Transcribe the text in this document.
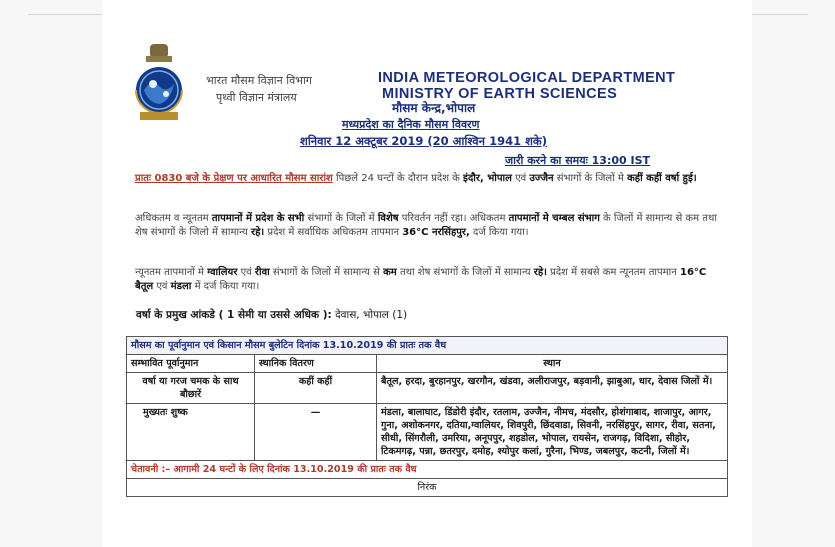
भारत मौसम विज्ञान विभाग
पृथ्वी विज्ञान मंत्रालय
INDIA METEOROLOGICAL DEPARTMENT
MINISTRY OF EARTH SCIENCES
मौसम केन्द्र,भोपाल
मध्यप्रदेश का दैनिक मौसम विवरण
शनिवार 12 अक्टूबर 2019 (20 आश्विन 1941 शके)
जारी करने का समयः 13:00 IST
प्रातः 0830 बजे के प्रेक्षण पर आधारित मौसम सारांश पिछले 24 घन्टों के दौरान प्रदेश के इंदौर, भोपाल एवं उज्जैन संभागों के जिलों मे कहीं कहीं वर्षा हुई।
अधिकतम व न्यूनतम तापमानों में प्रदेश के सभी संभागों के जिलों में विशेष परिवर्तन नहीं रहा। अधिकतम तापमानों मे चम्बल संभाग के जिलों में सामान्य से कम तथा शेष संभागों के जिलो में सामान्य रहे। प्रदेश में सर्वाधिक अधिकतम तापमान 36°C नरसिंहपुर, दर्ज किया गया।
न्यूनतम तापमानों मे ग्वालियर एवं रीवा संभागों के जिलों में सामान्य से कम तथा शेष संभागों के जिलों में सामान्य रहे। प्रदेश में सबसे कम न्यूनतम तापमान 16°C बैतूल एवं मंडला में दर्ज किया गया।
वर्षा के प्रमुख आंकडे ( 1 सेमी या उससे अधिक ): देवास, भोपाल (1)
मौसम का पूर्वानुमान एवं किसान मौसम बुलेटिन दिनांक 13.10.2019 की प्रातः तक वैध		
सम्भावित पूर्वानुमान	स्थानिक वितरण	स्थान
वर्षा या गरज चमक के साथ बौछारें	कहीं कहीं	बैतूल, हरदा, बुरहानपुर, खरगौन, खंडवा, अलीराजपुर, बड़वानी, झाबुआ, धार, देवास जिलों में।
मुख्यतः शुष्क	—	मंडला, बालाघाट, डिंडोरी इंदौर, रतलाम, उज्जैन, नीमच, मंदसौर, होशंगाबाद, शाजापुर, आगर, गुना, अशोकनगर, दतिया,ग्वालियर, शिवपुरी, छिंदवाडा, सिवनी, नरसिंहपुर, सागर, रीवा, सतना, सीधी, सिंगरौली, उमरिया, अनूपपुर, शहडोल, भोपाल, रायसेन, राजगढ़, विदिशा, सीहोर, टिकमगढ़, पन्ना, छतरपुर, दमोह, श्योपुर कलां, गुरैना, भिण्ड, जबलपुर, कटनी, जिलों में।
चेतावनी :– आगामी 24 घन्टों के लिए दिनांक 13.10.2019 की प्रातः तक वैध		
निरंक		
